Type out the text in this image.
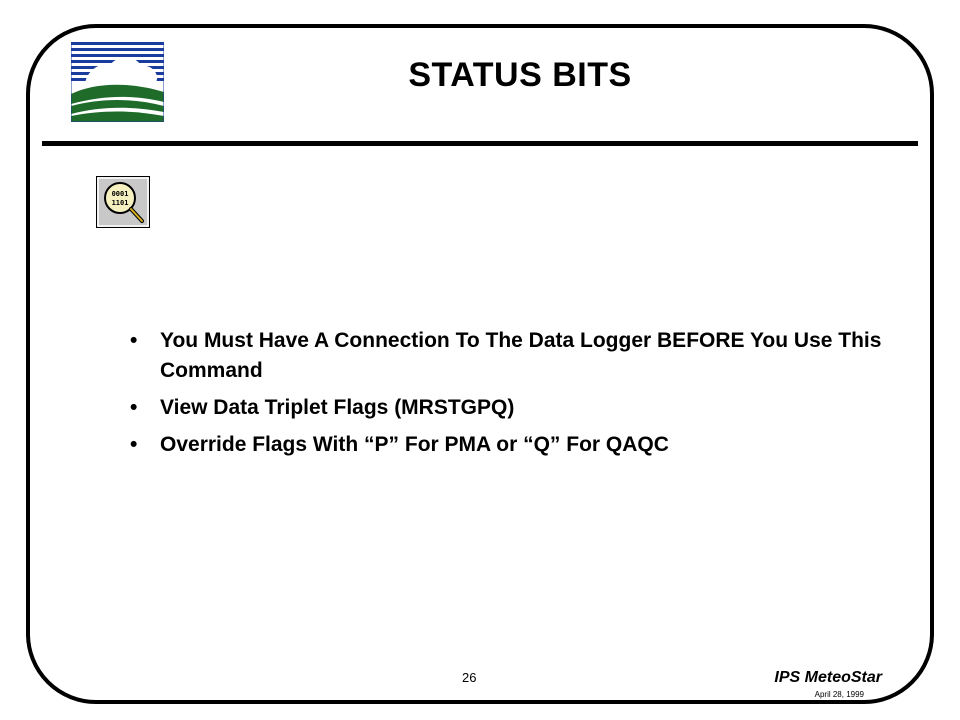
STATUS BITS
0001
1101
• You Must Have A Connection To The Data Logger BEFORE You Use This Command
• View Data Triplet Flags (MRSTGPQ)
• Override Flags With “P” For PMA or “Q” For QAQC
26	IPS MeteoStar
April 28, 1999
